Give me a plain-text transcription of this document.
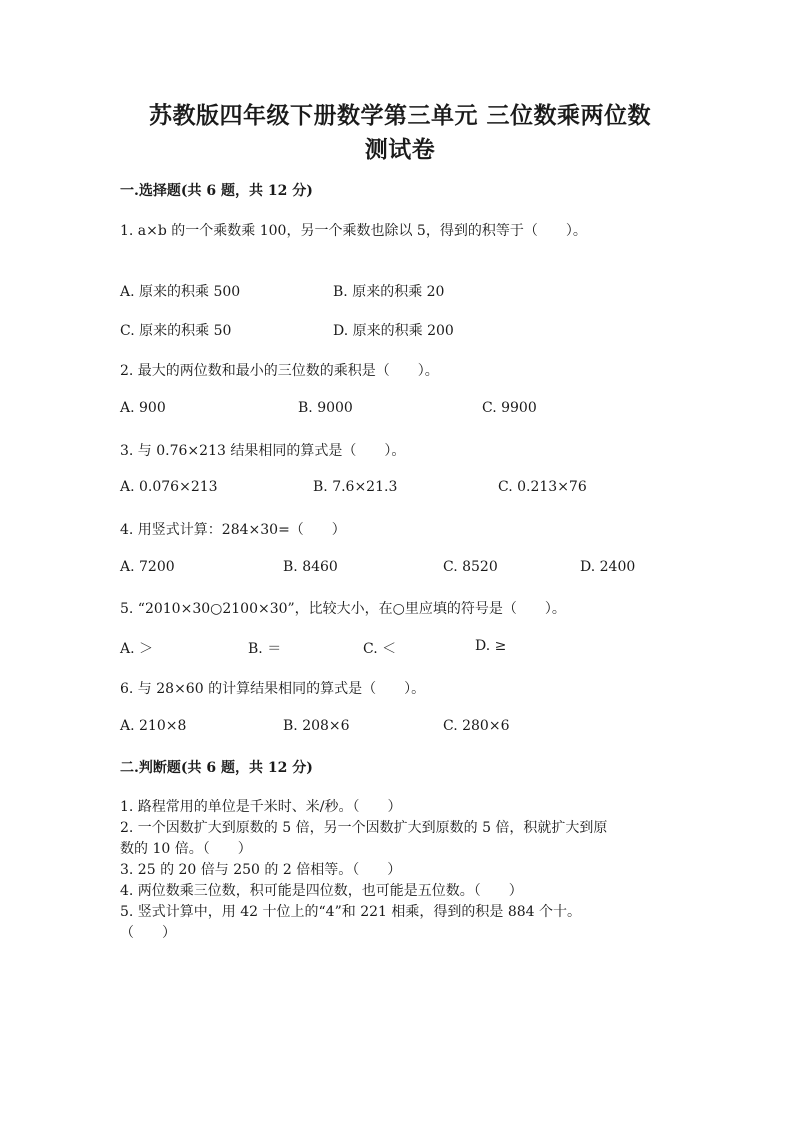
苏教版四年级下册数学第三单元 三位数乘两位数
测试卷
一.选择题(共 6 题，共 12 分)
1. a×b 的一个乘数乘 100，另一个乘数也除以 5，得到的积等于（　　）。
A. 原来的积乘 500	B. 原来的积乘 20
C. 原来的积乘 50	D. 原来的积乘 200
2. 最大的两位数和最小的三位数的乘积是（　　）。
A. 900	B. 9000	C. 9900
3. 与 0.76×213 结果相同的算式是（　　）。
A. 0.076×213	B. 7.6×21.3	C. 0.213×76
4. 用竖式计算：284×30=（　　）
A. 7200	B. 8460	C. 8520	D. 2400
5. “2010×30○2100×30”，比较大小，在○里应填的符号是（　　）。
A. ＞	B. ＝	C. ＜	D. ≥
6. 与 28×60 的计算结果相同的算式是（　　）。
A. 210×8	B. 208×6	C. 280×6
二.判断题(共 6 题，共 12 分)
1. 路程常用的单位是千米时、米/秒。（　　）
2. 一个因数扩大到原数的 5 倍，另一个因数扩大到原数的 5 倍，积就扩大到原
数的 10 倍。（　　）
3. 25 的 20 倍与 250 的 2 倍相等。（　　）
4. 两位数乘三位数，积可能是四位数，也可能是五位数。（　　）
5. 竖式计算中，用 42 十位上的“4”和 221 相乘，得到的积是 884 个十。
（　　）
